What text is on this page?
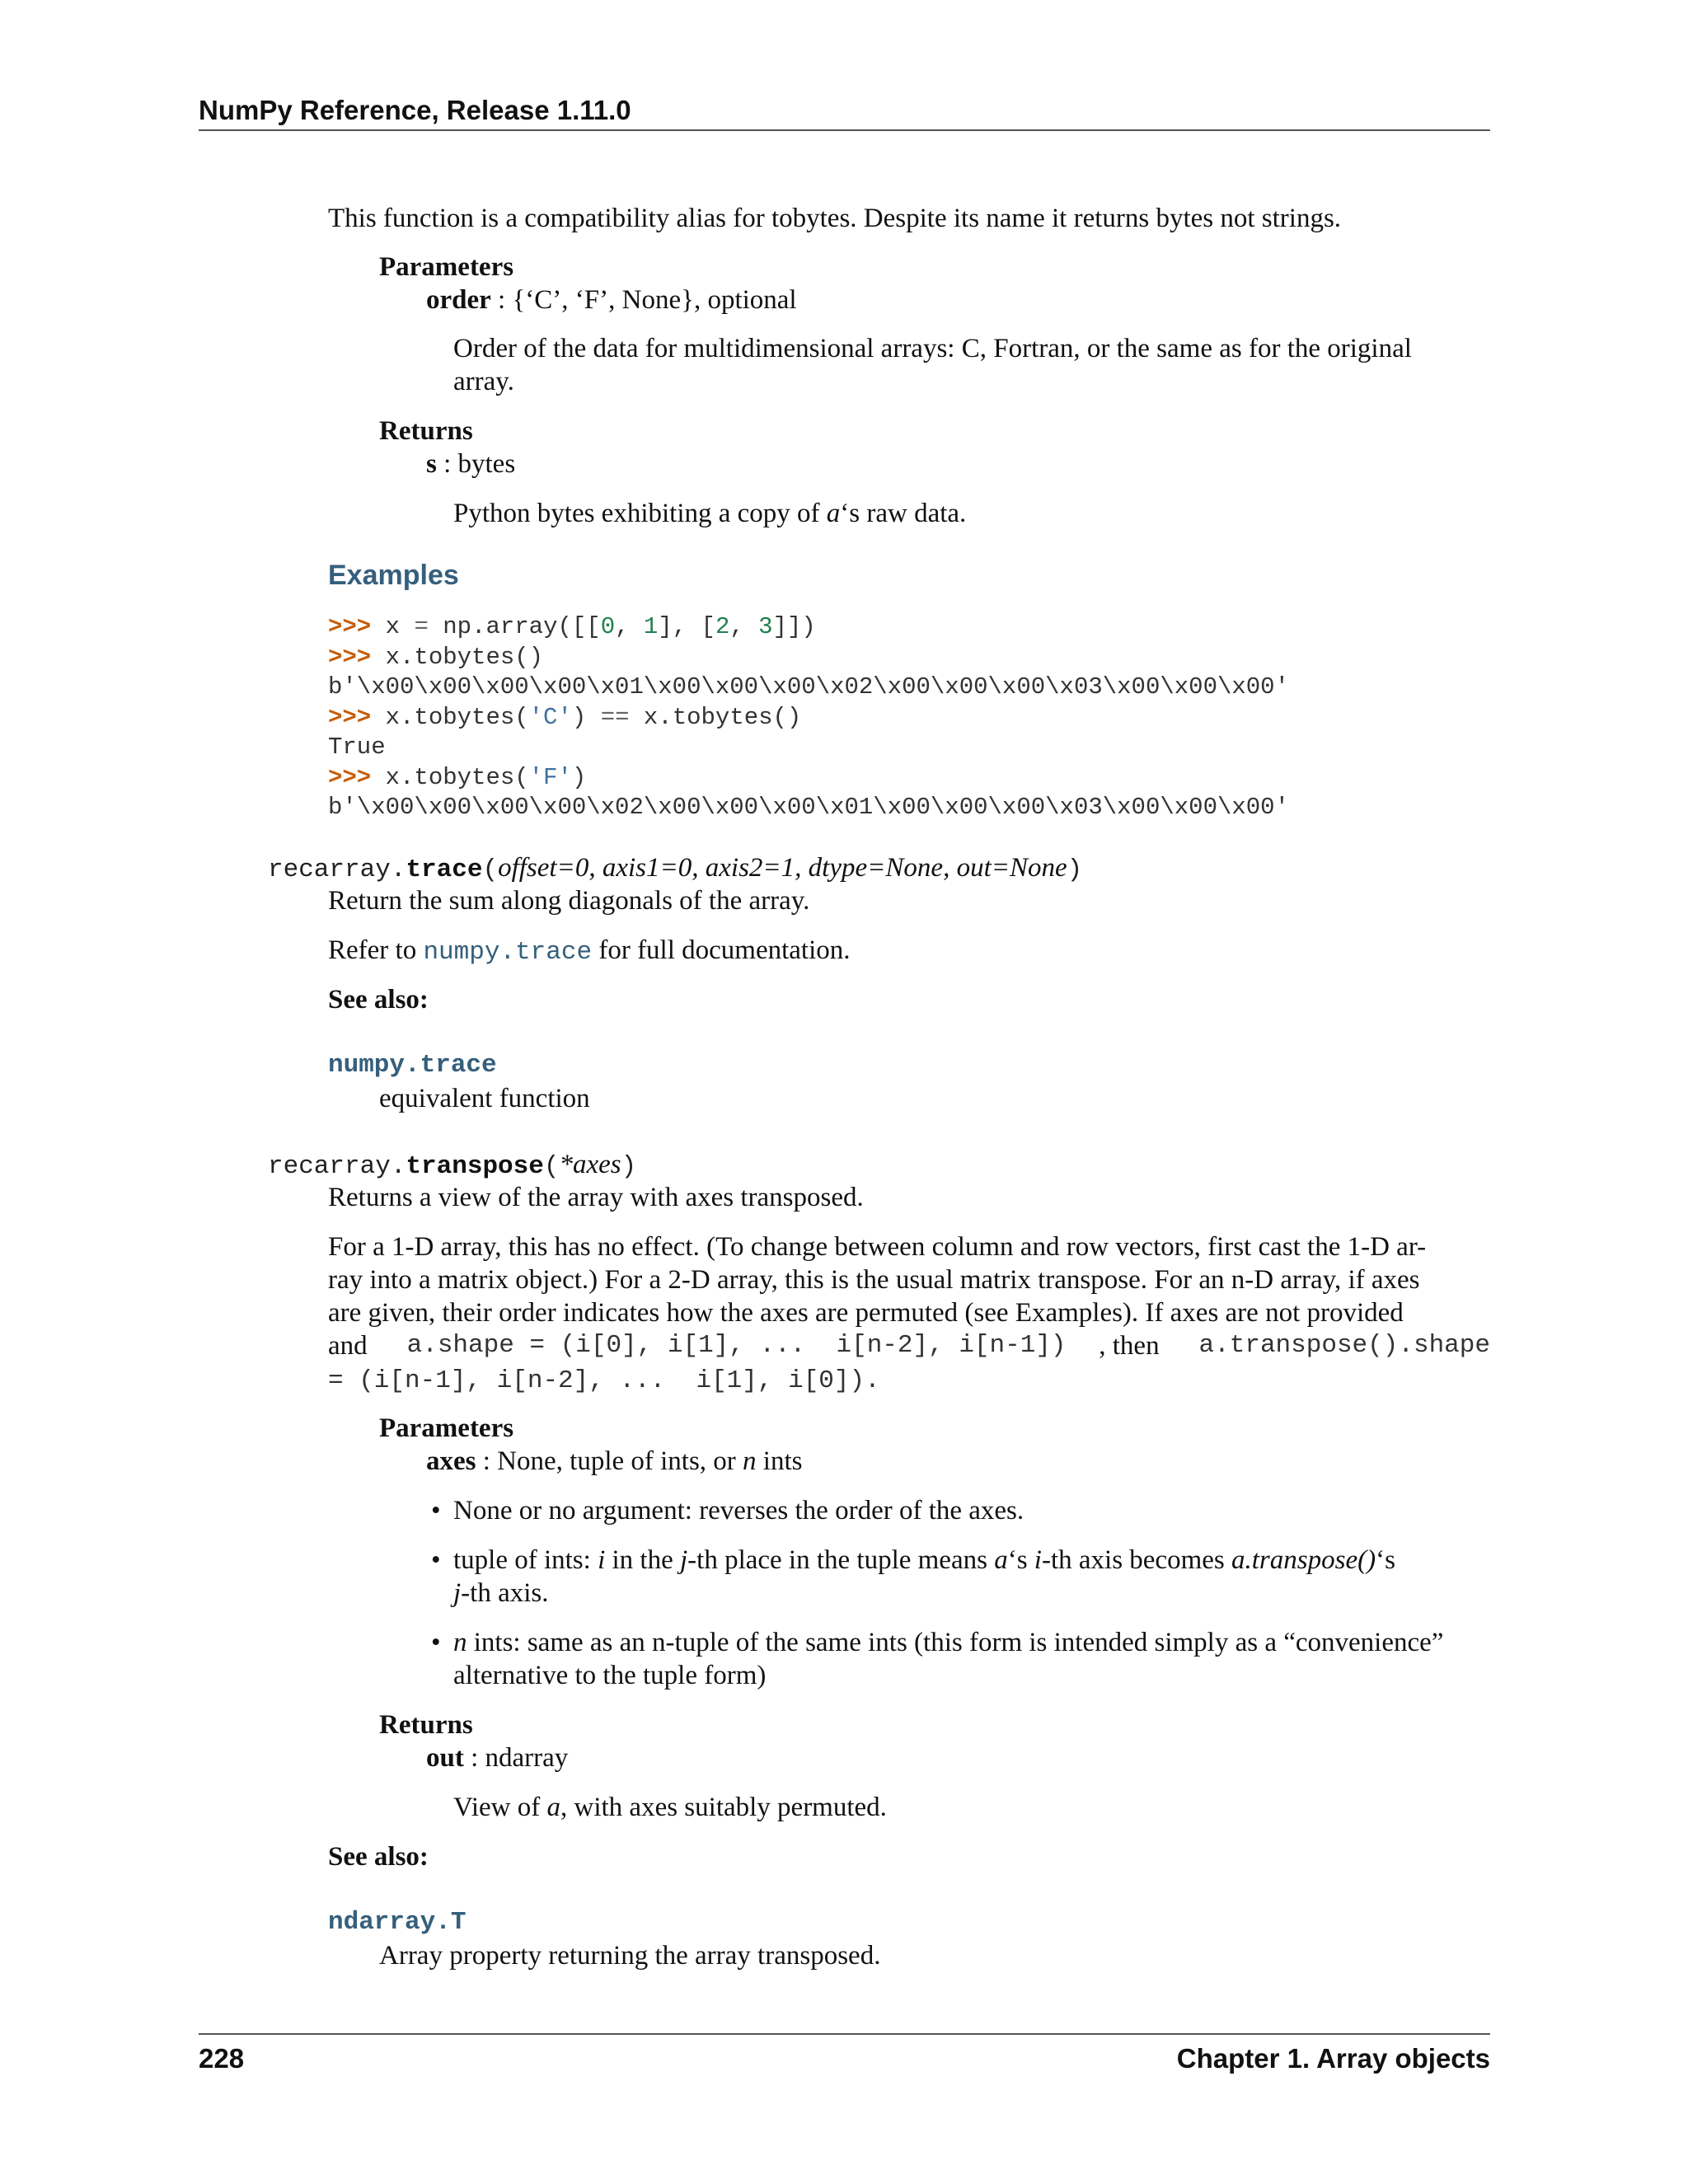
NumPy Reference, Release 1.11.0
This function is a compatibility alias for tobytes. Despite its name it returns bytes not strings.
Parameters
order : {‘C’, ‘F’, None}, optional
Order of the data for multidimensional arrays: C, Fortran, or the same as for the original array.
Returns
s : bytes
Python bytes exhibiting a copy of a‘s raw data.
Examples
>>> x = np.array([[0, 1], [2, 3]])
>>> x.tobytes()
b'\x00\x00\x00\x00\x01\x00\x00\x00\x02\x00\x00\x00\x03\x00\x00\x00'
>>> x.tobytes('C') == x.tobytes()
True
>>> x.tobytes('F')
b'\x00\x00\x00\x00\x02\x00\x00\x00\x01\x00\x00\x00\x03\x00\x00\x00'
recarray.trace(offset=0, axis1=0, axis2=1, dtype=None, out=None)
Return the sum along diagonals of the array.
Refer to numpy.trace for full documentation.
See also:
numpy.trace
equivalent function
recarray.transpose(*axes)
Returns a view of the array with axes transposed.
For a 1-D array, this has no effect. (To change between column and row vectors, first cast the 1-D ar-
ray into a matrix object.) For a 2-D array, this is the usual matrix transpose. For an n-D array, if axes
are given, their order indicates how the axes are permuted (see Examples). If axes are not provided
and a.shape = (i[0], i[1], ...  i[n-2], i[n-1]) , then a.transpose().shape
= (i[n-1], i[n-2], ...  i[1], i[0]).
Parameters
axes : None, tuple of ints, or n ints
• None or no argument: reverses the order of the axes.
• tuple of ints: i in the j-th place in the tuple means a‘s i-th axis becomes a.transpose()‘s
j-th axis.
• n ints: same as an n-tuple of the same ints (this form is intended simply as a “convenience”
alternative to the tuple form)
Returns
out : ndarray
View of a, with axes suitably permuted.
See also:
ndarray.T
Array property returning the array transposed.
228	Chapter 1. Array objects
